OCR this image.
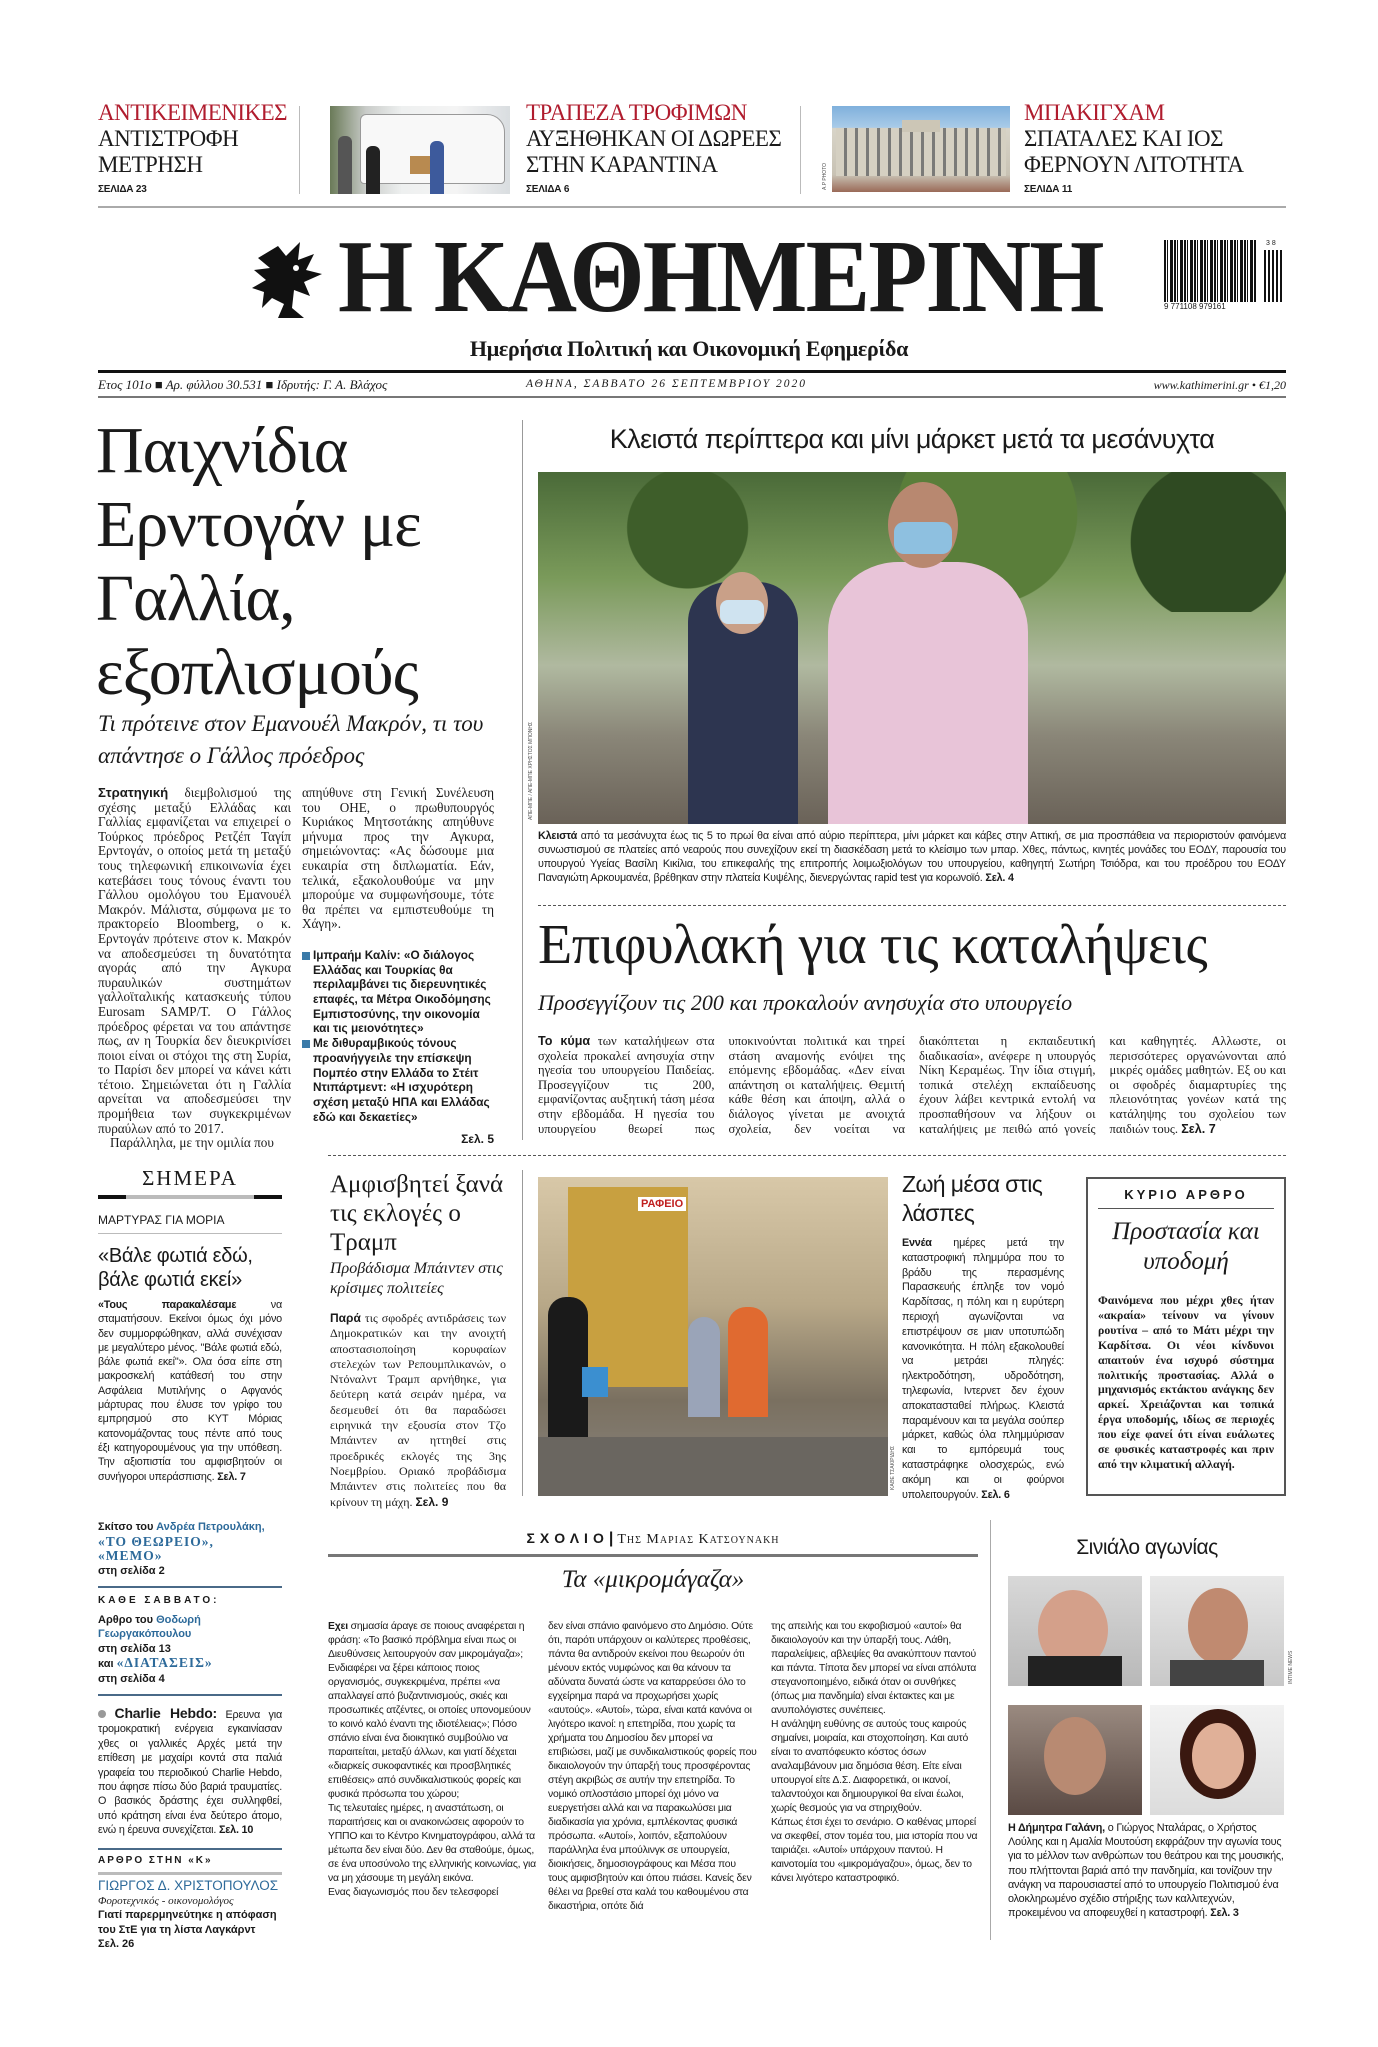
ΑΝΤΙΚΕΙΜΕΝΙΚΕΣ
ΑΝΤΙΣΤΡΟΦΗ
ΜΕΤΡΗΣΗ
ΣΕΛΙΔΑ 23
ΤΡΑΠΕΖΑ ΤΡΟΦΙΜΩΝ
ΑΥΞΗΘΗΚΑΝ ΟΙ ΔΩΡΕΕΣ
ΣΤΗΝ ΚΑΡΑΝΤΙΝΑ
ΣΕΛΙΔΑ 6	A.P PHOTO
ΜΠΑΚΙΓΧΑΜ
ΣΠΑΤΑΛΕΣ ΚΑΙ ΙΟΣ
ΦΕΡΝΟΥΝ ΛΙΤΟΤΗΤΑ
ΣΕΛΙΔΑ 11
Η ΚΑΘΗΜΕΡΙΝΗ	9 771108 979161
3 8
Ημερήσια Πολιτική και Οικονομική Εφημερίδα
Ετος 101ο ■ Αρ. φύλλου 30.531 ■ Ιδρυτής: Γ. Α. Βλάχος	ΑΘΗΝΑ, ΣΑΒΒΑΤΟ 26 ΣΕΠΤΕΜΒΡΙΟΥ 2020	www.kathimerini.gr • €1,20
Παιχνίδια Ερντογάν με Γαλλία, εξοπλισμούς
Τι πρότεινε στον Εμανουέλ Μακρόν, τι του απάντησε ο Γάλλος πρόεδρος

Στρατηγική διεμβολισμού της σχέσης μεταξύ Ελλάδας και Γαλλίας εμφανίζεται να επιχειρεί ο Τούρκος πρόεδρος Ρετζέπ Ταγίπ Ερντογάν, ο οποίος μετά τη μεταξύ τους τηλεφωνική επικοινωνία έχει κατεβάσει τους τόνους έναντι του Γάλλου ομολόγου του Εμανουέλ Μακρόν. Μάλιστα, σύμφωνα με το πρακτορείο Bloomberg, ο κ. Ερντογάν πρότεινε στον κ. Μακρόν να αποδεσμεύσει τη δυνατότητα αγοράς από την Αγκυρα πυραυλικών συστημάτων γαλλοϊταλικής κατασκευής τύπου Eurosam SAMP/T. Ο Γάλλος πρόεδρος φέρεται να του απάντησε πως, αν η Τουρκία δεν διευκρινίσει ποιοι είναι οι στόχοι της στη Συρία, το Παρίσι δεν μπορεί να κάνει κάτι τέτοιο. Σημειώνεται ότι η Γαλλία αρνείται να αποδεσμεύσει την προμήθεια των συγκεκριμένων πυραύλων από το 2017.

Παράλληλα, με την ομιλία που

απηύθυνε στη Γενική Συνέλευση του ΟΗΕ, ο πρωθυπουργός Κυριάκος Μητσοτάκης απηύθυνε μήνυμα προς την Αγκυρα, σημειώνοντας: «Ας δώσουμε μια ευκαιρία στη διπλωματία. Εάν, τελικά, εξακολουθούμε να μην μπορούμε να συμφωνήσουμε, τότε θα πρέπει να εμπιστευθούμε τη Χάγη».

Ιμπραήμ Καλίν: «Ο διάλογος Ελλάδας και Τουρκίας θα περιλαμβάνει τις διερευνητικές επαφές, τα Μέτρα Οικοδόμησης Εμπιστοσύνης, την οικονομία και τις μειονότητες»
Με διθυραμβικούς τόνους προανήγγειλε την επίσκεψη Πομπέο στην Ελλάδα το Στέιτ Ντιπάρτμεντ: «Η ισχυρότερη σχέση μεταξύ ΗΠΑ και Ελλάδας εδώ και δεκαετίες»
Σελ. 5
Κλειστά περίπτερα και μίνι μάρκετ μετά τα μεσάνυχτα
ΑΠΕ-ΜΠΕ / ΑΠΕ-ΜΠΕ ΧΡΗΣΤΟΣ ΜΠΟΝΗΣ
Κλειστά από τα μεσάνυχτα έως τις 5 το πρωί θα είναι από αύριο περίπτερα, μίνι μάρκετ και κάβες στην Αττική, σε μια προσπάθεια να περιοριστούν φαινόμενα συνωστισμού σε πλατείες από νεαρούς που συνεχίζουν εκεί τη διασκέδαση μετά το κλείσιμο των μπαρ. Χθες, πάντως, κινητές μονάδες του ΕΟΔΥ, παρουσία του υπουργού Υγείας Βασίλη Κικίλια, του επικεφαλής της επιτροπής λοιμωξιολόγων του υπουργείου, καθηγητή Σωτήρη Τσιόδρα, και του προέδρου του ΕΟΔΥ Παναγιώτη Αρκουμανέα, βρέθηκαν στην πλατεία Κυψέλης, διενεργώντας rapid test για κορωνοϊό. Σελ. 4
Επιφυλακή για τις καταλήψεις
Προσεγγίζουν τις 200 και προκαλούν ανησυχία στο υπουργείο
Το κύμα των καταλήψεων στα σχολεία προκαλεί ανησυχία στην ηγεσία του υπουργείου Παιδείας. Προσεγγίζουν τις 200, εμφανίζοντας αυξητική τάση μέσα στην εβδομάδα. Η ηγεσία του υπουργείου θεωρεί πως υποκινούνται πολιτικά και τηρεί στάση αναμονής ενόψει της επόμενης εβδομάδας. «Δεν είναι απάντηση οι καταλήψεις. Θεμιτή κάθε θέση και άποψη, αλλά ο διάλογος γίνεται με ανοιχτά σχολεία, δεν νοείται να διακόπτεται η εκπαιδευτική διαδικασία», ανέφερε η υπουργός Νίκη Κεραμέως. Την ίδια στιγμή, τοπικά στελέχη εκπαίδευσης έχουν λάβει κεντρικά εντολή να προσπαθήσουν να λήξουν οι καταλήψεις με πειθώ από γονείς και καθηγητές. Αλλωστε, οι περισσότερες οργανώνονται από μικρές ομάδες μαθητών. Εξ ου και οι σφοδρές διαμαρτυρίες της πλειονότητας γονέων κατά της κατάληψης του σχολείου των παιδιών τους. Σελ. 7
ΣΗΜΕΡΑ
ΜΑΡΤΥΡΑΣ ΓΙΑ ΜΟΡΙΑ
«Βάλε φωτιά εδώ, βάλε φωτιά εκεί»
«Τους παρακαλέσαμε να σταματήσουν. Εκείνοι όμως όχι μόνο δεν συμμορφώθηκαν, αλλά συνέχισαν με μεγαλύτερο μένος. "Βάλε φωτιά εδώ, βάλε φωτιά εκεί"». Ολα όσα είπε στη μακροσκελή κατάθεσή του στην Ασφάλεια Μυτιλήνης ο Αφγανός μάρτυρας που έλυσε τον γρίφο του εμπρησμού στο ΚΥΤ Μόριας κατονομάζοντας τους πέντε από τους έξι κατηγορουμένους για την υπόθεση. Την αξιοπιστία του αμφισβητούν οι συνήγοροι υπεράσπισης. Σελ. 7
Σκίτσο του Ανδρέα Πετρουλάκη,
«ΤΟ ΘΕΩΡΕΙΟ», «ΜΕΜΟ»
στη σελίδα 2
ΚΑΘΕ ΣΑΒΒΑΤΟ:
Αρθρο του Θοδωρή Γεωργακόπουλου
στη σελίδα 13
και «ΔΙΑΤΑΣΕΙΣ»
στη σελίδα 4
Charlie Hebdo: Ερευνα για τρομοκρατική ενέργεια εγκαινίασαν χθες οι γαλλικές Αρχές μετά την επίθεση με μαχαίρι κοντά στα παλιά γραφεία του περιοδικού Charlie Hebdo, που άφησε πίσω δύο βαριά τραυματίες. Ο βασικός δράστης έχει συλληφθεί, υπό κράτηση είναι ένα δεύτερο άτομο, ενώ η έρευνα συνεχίζεται. Σελ. 10
ΑΡΘΡΟ ΣΤΗΝ «Κ»
ΓΙΩΡΓΟΣ Δ. ΧΡΙΣΤΟΠΟΥΛΟΣ
Φοροτεχνικός - οικονομολόγος
Γιατί παρερμηνεύτηκε η απόφαση του ΣτΕ για τη λίστα Λαγκάρντ
Σελ. 26
Αμφισβητεί ξανά τις εκλογές ο Τραμπ
Προβάδισμα Μπάιντεν στις κρίσιμες πολιτείες
Παρά τις σφοδρές αντιδράσεις των Δημοκρατικών και την ανοιχτή αποστασιοποίηση κορυφαίων στελεχών των Ρεπουμπλικανών, ο Ντόναλντ Τραμπ αρνήθηκε, για δεύτερη κατά σειράν ημέρα, να δεσμευθεί ότι θα παραδώσει ειρηνικά την εξουσία στον Τζο Μπάιντεν αν ηττηθεί στις προεδρικές εκλογές της 3ης Νοεμβρίου. Οριακό προβάδισμα Μπάιντεν στις πολιτείες που θα κρίνουν τη μάχη. Σελ. 9
ΡΑΦΕΙΟ
ΚΑΘΕ ΤΣΑΚΙΡΙΔΗΣ
Ζωή μέσα στις λάσπες
Εννέα ημέρες μετά την καταστροφική πλημμύρα που το βράδυ της περασμένης Παρασκευής έπληξε τον νομό Καρδίτσας, η πόλη και η ευρύτερη περιοχή αγωνίζονται να επιστρέψουν σε μιαν υποτυπώδη κανονικότητα. Η πόλη εξακολουθεί να μετράει πληγές: ηλεκτροδότηση, υδροδότηση, τηλεφωνία, Ιντερνετ δεν έχουν αποκατασταθεί πλήρως. Κλειστά παραμένουν και τα μεγάλα σούπερ μάρκετ, καθώς όλα πλημμύρισαν και το εμπόρευμά τους καταστράφηκε ολοσχερώς, ενώ ακόμη και οι φούρνοι υπολειτουργούν. Σελ. 6
ΚΥΡΙΟ ΑΡΘΡΟ
Προστασία και υποδομή
Φαινόμενα που μέχρι χθες ήταν «ακραία» τείνουν να γίνουν ρουτίνα – από το Μάτι μέχρι την Καρδίτσα. Οι νέοι κίνδυνοι απαιτούν ένα ισχυρό σύστημα πολιτικής προστασίας. Αλλά ο μηχανισμός εκτάκτου ανάγκης δεν αρκεί. Χρειάζονται και τοπικά έργα υποδομής, ιδίως σε περιοχές που είχε φανεί ότι είναι ευάλωτες σε φυσικές καταστροφές και πριν από την κλιματική αλλαγή.
ΣΧΟΛΙΟ| Της Μαριας Κατσουνακη
Τα «μικρομάγαζα»

Εχει σημασία άραγε σε ποιους αναφέρεται η φράση: «Το βασικό πρόβλημα είναι πως οι Διευθύνσεις λειτουργούν σαν μικρομάγαζα»; Ενδιαφέρει να ξέρει κάποιος ποιος οργανισμός, συγκεκριμένα, πρέπει «να απαλλαγεί από βυζαντινισμούς, σκιές και προσωπικές ατζέντες, οι οποίες υπονομεύουν το κοινό καλό έναντι της ιδιοτέλειας»; Πόσο σπάνιο είναι ένα διοικητικό συμβούλιο να παραιτείται, μεταξύ άλλων, και γιατί δέχεται «διαρκείς συκοφαντικές και προσβλητικές επιθέσεις» από συνδικαλιστικούς φορείς και φυσικά πρόσωπα του χώρου;

Τις τελευταίες ημέρες, η αναστάτωση, οι παραιτήσεις και οι ανακοινώσεις αφορούν το ΥΠΠΟ και το Κέντρο Κινηματογράφου, αλλά τα μέτωπα δεν είναι δύο. Δεν θα σταθούμε, όμως, σε ένα υποσύνολο της ελληνικής κοινωνίας, για να μη χάσουμε τη μεγάλη εικόνα.

Ενας διαγωνισμός που δεν τελεσφορεί

δεν είναι σπάνιο φαινόμενο στο Δημόσιο. Ούτε ότι, παρότι υπάρχουν οι καλύτερες προθέσεις, πάντα θα αντιδρούν εκείνοι που θεωρούν ότι μένουν εκτός νυμφώνος και θα κάνουν τα αδύνατα δυνατά ώστε να καταρρεύσει όλο το εγχείρημα παρά να προχωρήσει χωρίς «αυτούς». «Αυτοί», τώρα, είναι κατά κανόνα οι λιγότερο ικανοί: η επετηρίδα, που χωρίς τα χρήματα του Δημοσίου δεν μπορεί να επιβιώσει, μαζί με συνδικαλιστικούς φορείς που δικαιολογούν την ύπαρξή τους προσφέροντας στέγη ακριβώς σε αυτήν την επετηρίδα. Το νομικό οπλοστάσιο μπορεί όχι μόνο να ευεργετήσει αλλά και να παρακωλύσει μια διαδικασία για χρόνια, εμπλέκοντας φυσικά πρόσωπα. «Αυτοί», λοιπόν, εξαπολύουν παράλληλα ένα μπούλινγκ σε υπουργεία, διοικήσεις, δημοσιογράφους και Μέσα που τους αμφισβητούν και όπου πιάσει. Κανείς δεν θέλει να βρεθεί στα καλά του καθουμένου στα δικαστήρια, οπότε διά

της απειλής και του εκφοβισμού «αυτοί» θα δικαιολογούν και την ύπαρξή τους. Λάθη, παραλείψεις, αβλεψίες θα ανακύπτουν παντού και πάντα. Τίποτα δεν μπορεί να είναι απόλυτα στεγανοποιημένο, ειδικά όταν οι συνθήκες (όπως μια πανδημία) είναι έκτακτες και με ανυπολόγιστες συνέπειες.

Η ανάληψη ευθύνης σε αυτούς τους καιρούς σημαίνει, μοιραία, και στοχοποίηση. Και αυτό είναι το αναπόφευκτο κόστος όσων αναλαμβάνουν μια δημόσια θέση. Είτε είναι υπουργοί είτε Δ.Σ. Διαφορετικά, οι ικανοί, ταλαντούχοι και δημιουργικοί θα είναι έωλοι, χωρίς θεσμούς για να στηριχθούν.

Κάπως έτσι έχει το σενάριο. Ο καθένας μπορεί να σκεφθεί, στον τομέα του, μια ιστορία που να ταιριάζει. «Αυτοί» υπάρχουν παντού. Η καινοτομία του «μικρομάγαζου», όμως, δεν το κάνει λιγότερο καταστροφικό.

Σινιάλο αγωνίας
INTIME NEWS
Η Δήμητρα Γαλάνη, ο Γιώργος Νταλάρας, ο Χρήστος Λούλης και η Αμαλία Μουτούση εκφράζουν την αγωνία τους για το μέλλον των ανθρώπων του θεάτρου και της μουσικής, που πλήττονται βαριά από την πανδημία, και τονίζουν την ανάγκη να παρουσιαστεί από το υπουργείο Πολιτισμού ένα ολοκληρωμένο σχέδιο στήριξης των καλλιτεχνών, προκειμένου να αποφευχθεί η καταστροφή. Σελ. 3
